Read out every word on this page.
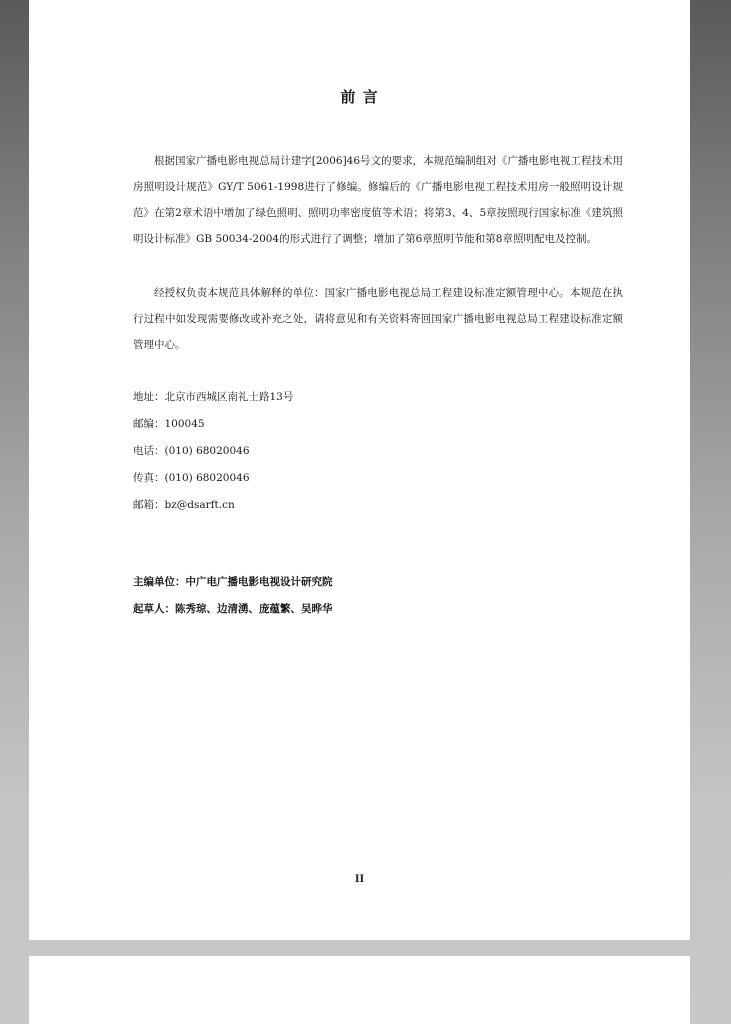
前 言

根据国家广播电影电视总局计建字[2006]46号文的要求，本规范编制组对《广播电影电视工程技术用房照明设计规范》GY/T 5061-1998进行了修编。修编后的《广播电影电视工程技术用房一般照明设计规范》在第2章术语中增加了绿色照明、照明功率密度值等术语；将第3、4、5章按照现行国家标准《建筑照明设计标准》GB 50034-2004的形式进行了调整；增加了第6章照明节能和第8章照明配电及控制。

经授权负责本规范具体解释的单位：国家广播电影电视总局工程建设标准定额管理中心。本规范在执行过程中如发现需要修改或补充之处，请将意见和有关资料寄回国家广播电影电视总局工程建设标准定额管理中心。

地址：北京市西城区南礼士路13号
邮编：100045
电话：(010) 68020046
传真：(010) 68020046
邮箱：bz@dsarft.cn
主编单位：中广电广播电影电视设计研究院
起草人：陈秀琼、边清湧、庞蕴繁、吴晔华
II
